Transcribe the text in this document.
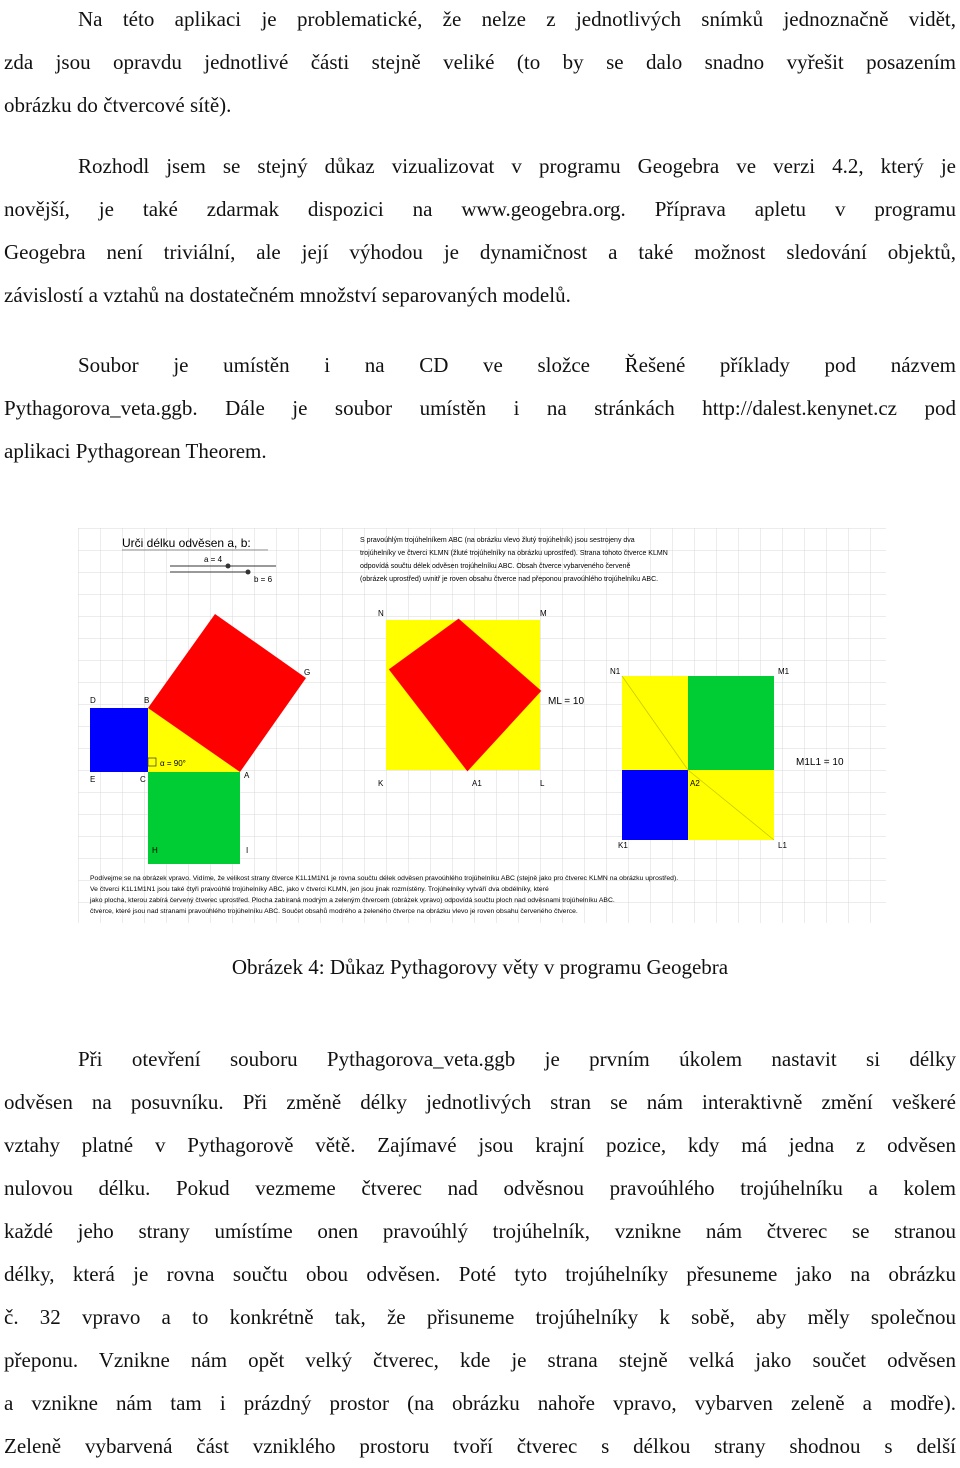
Na této aplikaci je problematické, že nelze z jednotlivých snímků jednoznačně vidět,
zda jsou opravdu jednotlivé části stejně veliké (to by se dalo snadno vyřešit posazením
obrázku do čtvercové sítě).
Rozhodl jsem se stejný důkaz vizualizovat v programu Geogebra ve verzi 4.2, který je
novější, je také zdarmak dispozici na www.geogebra.org. Příprava apletu v programu
Geogebra není triviální, ale její výhodou je dynamičnost a také možnost sledování objektů,
závislostí a vztahů na dostatečném množství separovaných modelů.
Soubor je umístěn i na CD ve složce Řešené příklady pod názvem
Pythagorova_veta.ggb. Dále je soubor umístěn i na stránkách http://dalest.kenynet.cz pod
aplikaci Pythagorean Theorem.
Urči délku odvěsen a, b:
a = 4
b = 6
D	B
G
E	C	A
H	I
α = 90°
S pravoúhlým trojúhelníkem ABC (na obrázku vlevo žlutý trojúhelník) jsou sestrojeny dva
trojúhelníky ve čtverci KLMN (žluté trojúhelníky na obrázku uprostřed). Strana tohoto čtverce KLMN
odpovídá součtu délek odvěsen trojúhelníku ABC. Obsah čtverce vybarveného červeně
(obrázek uprostřed) uvnitř je roven obsahu čtverce nad přeponou pravoúhlého trojúhelníku ABC.
N	M
K	A1	L
ML = 10
M1L1 = 10
N1	M1
A2
K1	L1
Podívejme se na obrázek vpravo. Vidíme, že velikost strany čtverce K1L1M1N1 je rovna součtu délek odvěsen pravoúhlého trojúhelníku ABC (stejně jako pro čtverec KLMN na obrázku uprostřed).
Ve čtverci K1L1M1N1 jsou také čtyři pravoúhlé trojúhelníky ABC, jako v čtverci KLMN, jen jsou jinak rozmístěny. Trojúhelníky vytváří dva obdélníky, které
jako plocha, kterou zabírá červený čtverec uprostřed. Plocha zabíraná modrým a zeleným čtvercem (obrázek vpravo) odpovídá součtu ploch nad odvěsnami trojúhelníku ABC.
čtverce, které jsou nad stranami pravoúhlého trojúhelníku ABC. Součet obsahů modrého a zeleného čtverce na obrázku vlevo je roven obsahu červeného čtverce.
Obrázek 4: Důkaz Pythagorovy věty v programu Geogebra
Při otevření souboru Pythagorova_veta.ggb je prvním úkolem nastavit si délky
odvěsen na posuvníku. Při změně délky jednotlivých stran se nám interaktivně změní veškeré
vztahy platné v Pythagorově větě. Zajímavé jsou krajní pozice, kdy má jedna z odvěsen
nulovou délku. Pokud vezmeme čtverec nad odvěsnou pravoúhlého trojúhelníku a kolem
každé jeho strany umístíme onen pravoúhlý trojúhelník, vznikne nám čtverec se stranou
délky, která je rovna součtu obou odvěsen. Poté tyto trojúhelníky přesuneme jako na obrázku
č. 32 vpravo a to konkrétně tak, že přisuneme trojúhelníky k sobě, aby měly společnou
přeponu. Vznikne nám opět velký čtverec, kde je strana stejně velká jako součet odvěsen
a vznikne nám tam i prázdný prostor (na obrázku nahoře vpravo, vybarven zeleně a modře).
Zeleně vybarvená část vzniklého prostoru tvoří čtverec s délkou strany shodnou s delší
